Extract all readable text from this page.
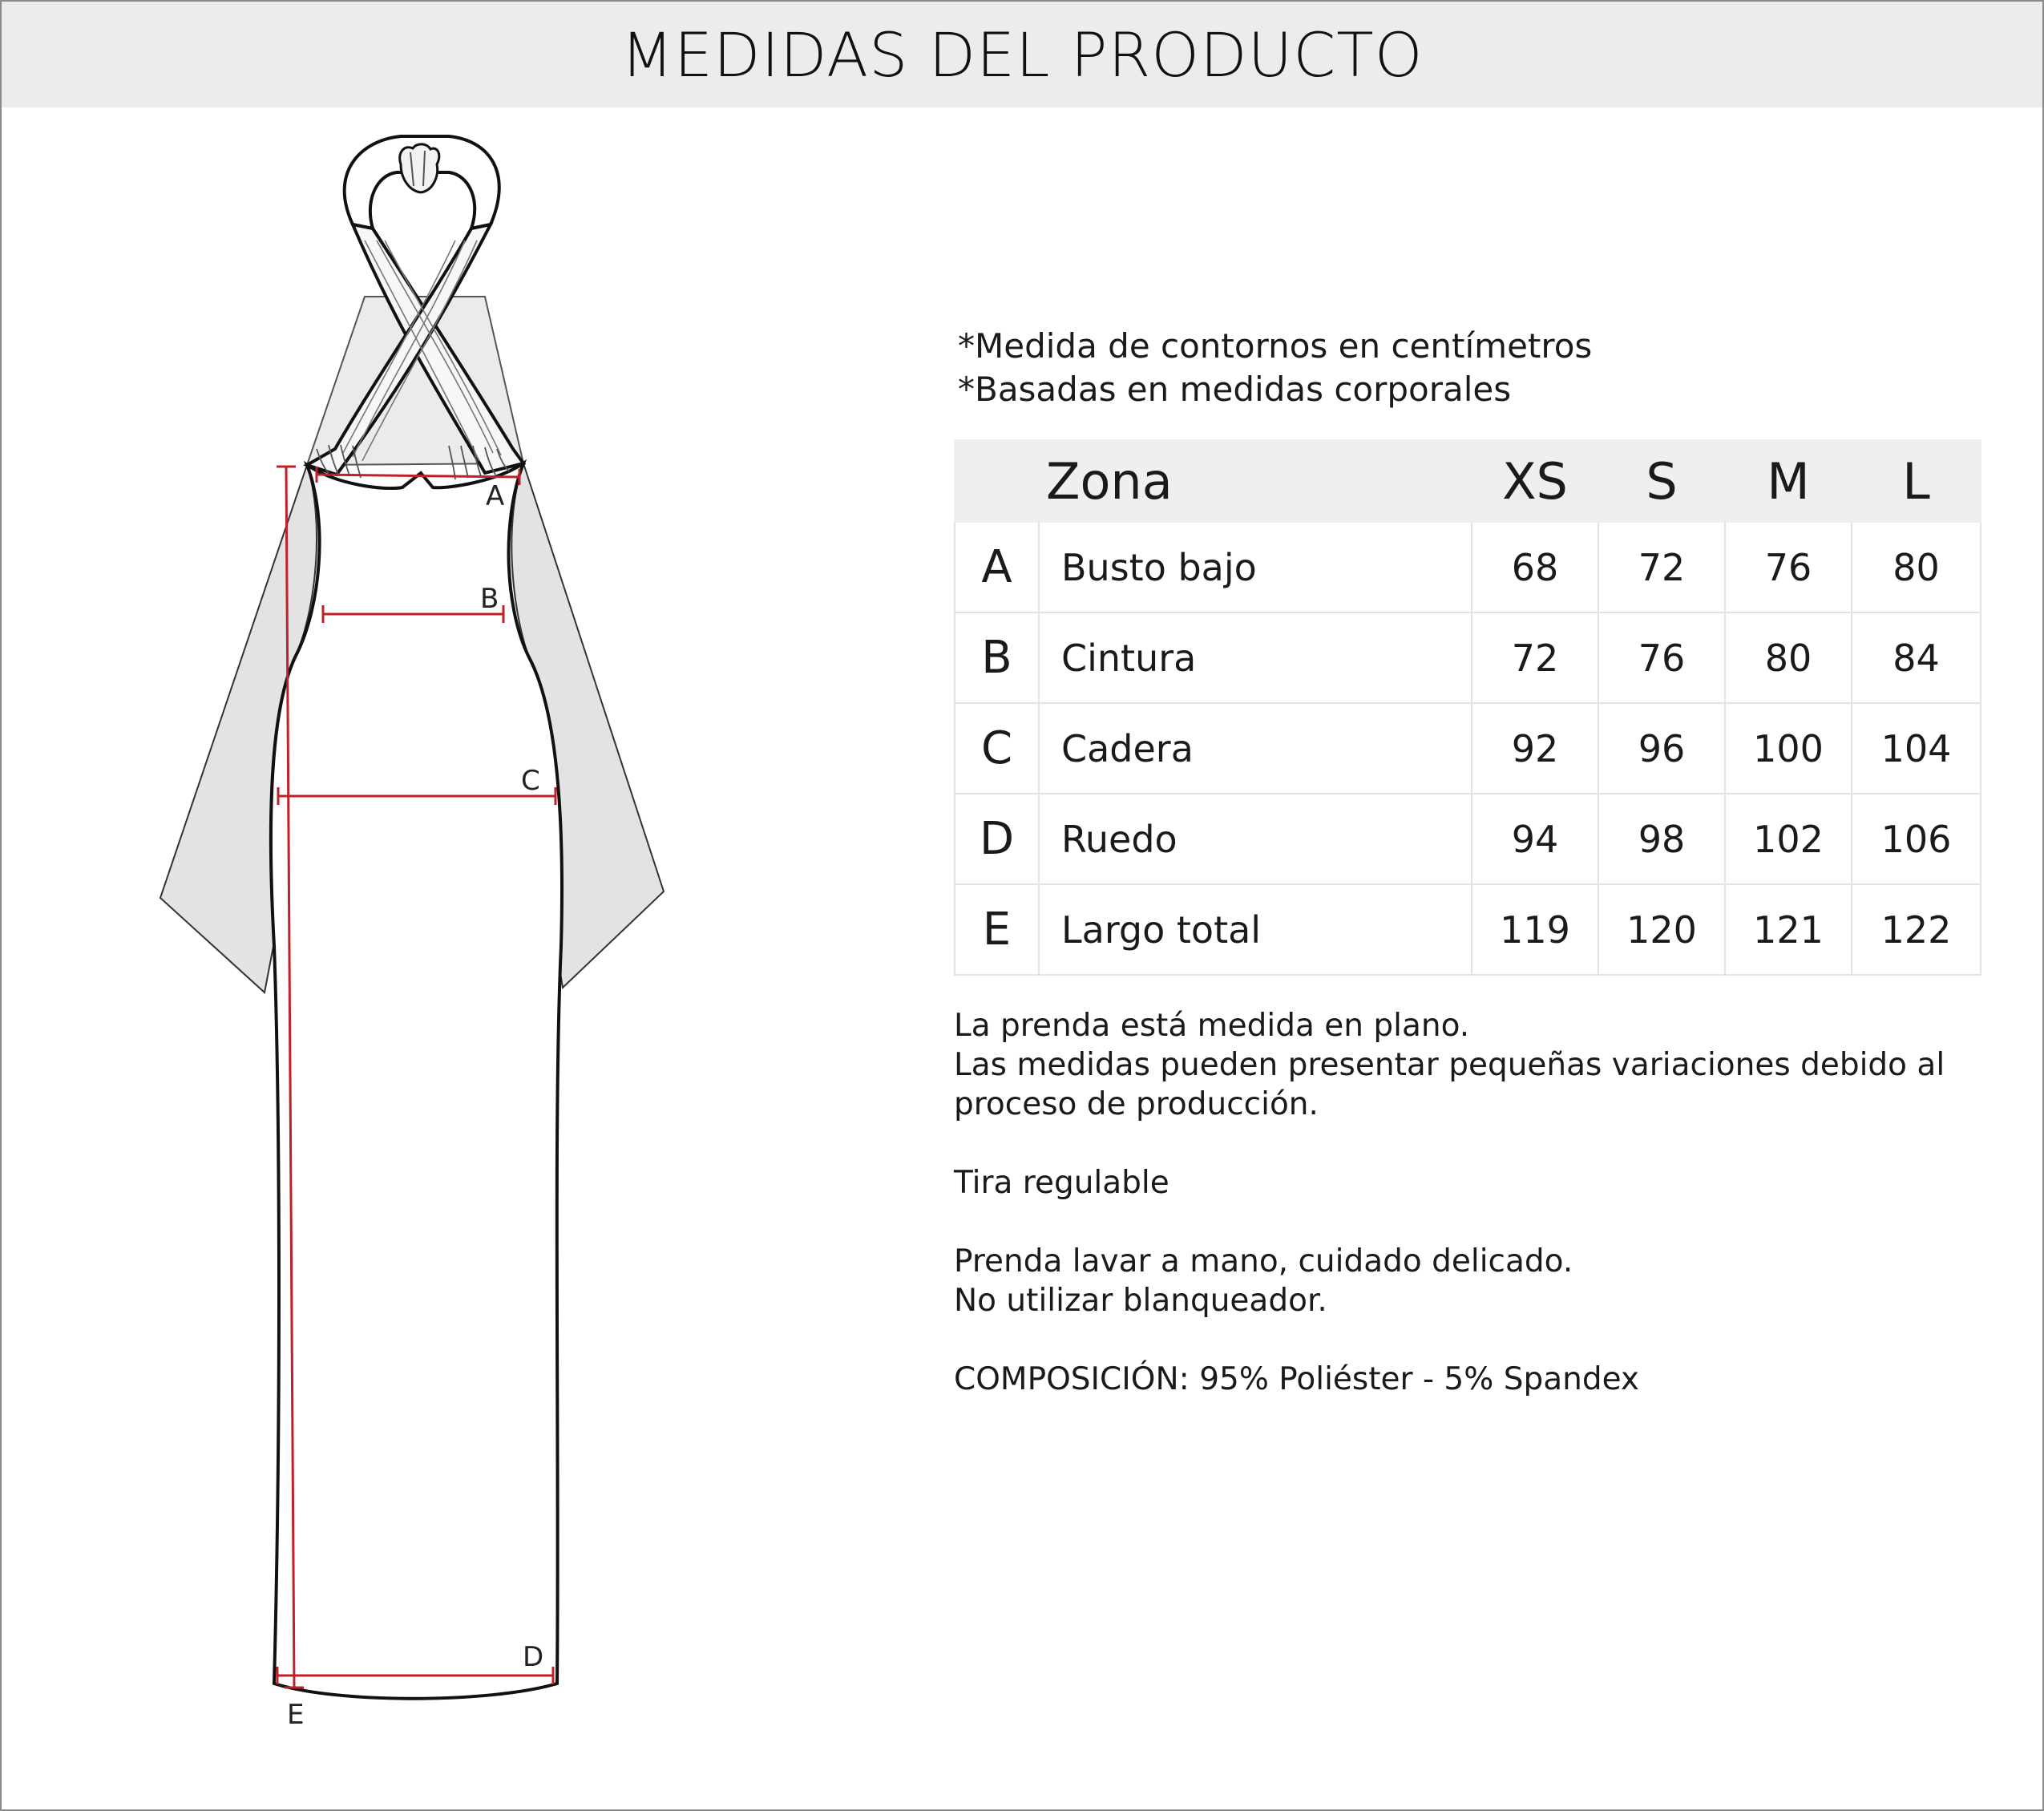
MEDIDAS DEL PRODUCTO
A
B
C
D
E
*Medida de contornos en centímetros
*Basadas en medidas corporales
	Zona	XS	S	M	L
A	Busto bajo	68	72	76	80
B	Cintura	72	76	80	84
C	Cadera	92	96	100	104
D	Ruedo	94	98	102	106
E	Largo total	119	120	121	122

La prenda está medida en plano.

Las medidas pueden presentar pequeñas variaciones debido al

proceso de producción.

Tira regulable

Prenda lavar a mano, cuidado delicado.

No utilizar blanqueador.

COMPOSICIÓN: 95% Poliéster - 5% Spandex
